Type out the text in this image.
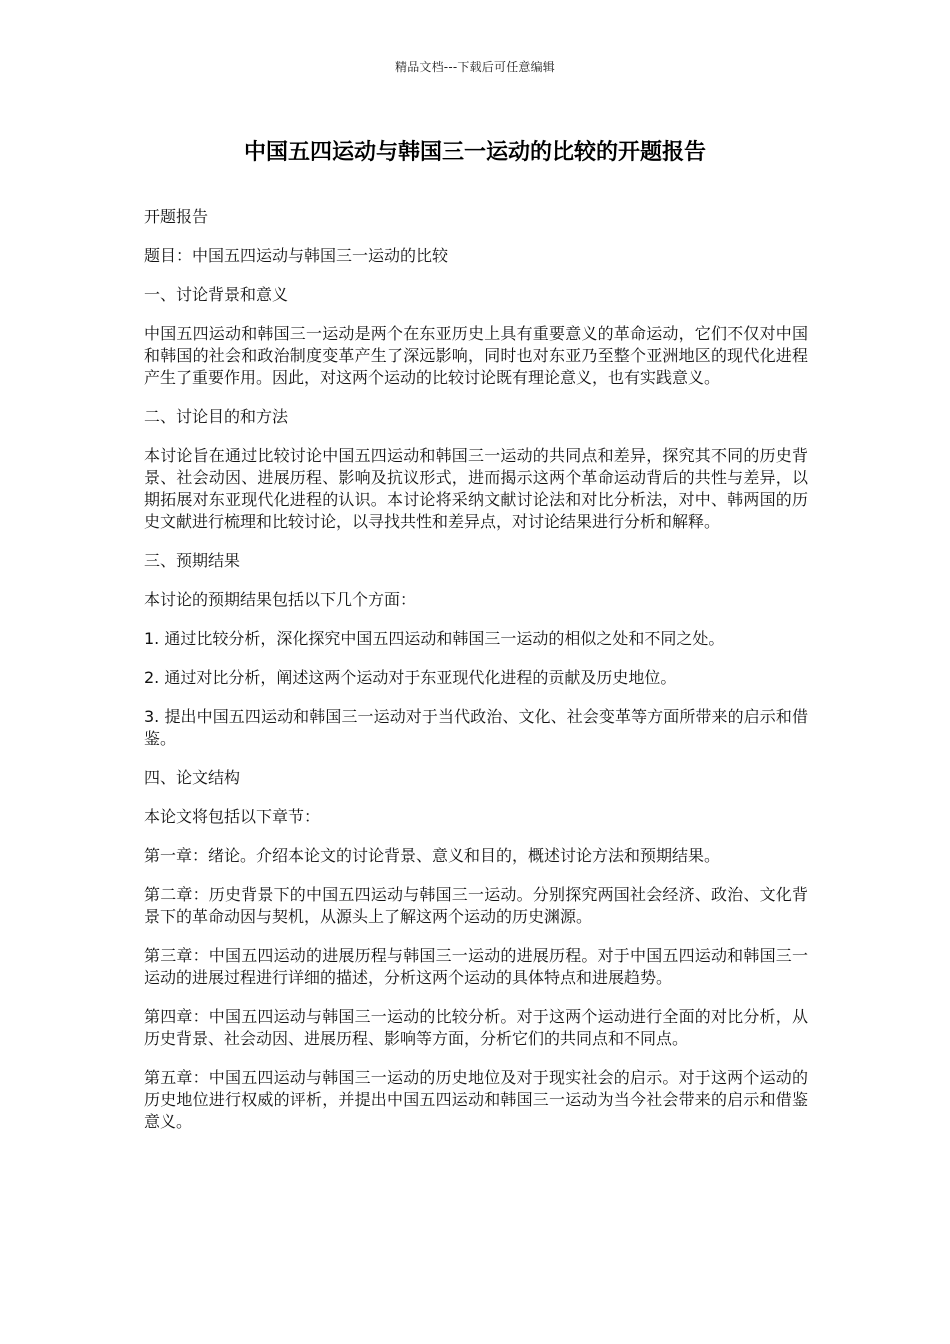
精品文档---下载后可任意编辑
中国五四运动与韩国三一运动的比较的开题报告

开题报告

题目：中国五四运动与韩国三一运动的比较

一、讨论背景和意义

中国五四运动和韩国三一运动是两个在东亚历史上具有重要意义的革命运动，它们不仅对中国和韩国的社会和政治制度变革产生了深远影响，同时也对东亚乃至整个亚洲地区的现代化进程产生了重要作用。因此，对这两个运动的比较讨论既有理论意义，也有实践意义。

二、讨论目的和方法

本讨论旨在通过比较讨论中国五四运动和韩国三一运动的共同点和差异，探究其不同的历史背景、社会动因、进展历程、影响及抗议形式，进而揭示这两个革命运动背后的共性与差异，以期拓展对东亚现代化进程的认识。本讨论将采纳文献讨论法和对比分析法，对中、韩两国的历史文献进行梳理和比较讨论，以寻找共性和差异点，对讨论结果进行分析和解释。

三、预期结果

本讨论的预期结果包括以下几个方面：

1. 通过比较分析，深化探究中国五四运动和韩国三一运动的相似之处和不同之处。

2. 通过对比分析，阐述这两个运动对于东亚现代化进程的贡献及历史地位。

3. 提出中国五四运动和韩国三一运动对于当代政治、文化、社会变革等方面所带来的启示和借鉴。

四、论文结构

本论文将包括以下章节：

第一章：绪论。介绍本论文的讨论背景、意义和目的，概述讨论方法和预期结果。

第二章：历史背景下的中国五四运动与韩国三一运动。分别探究两国社会经济、政治、文化背景下的革命动因与契机，从源头上了解这两个运动的历史渊源。

第三章：中国五四运动的进展历程与韩国三一运动的进展历程。对于中国五四运动和韩国三一运动的进展过程进行详细的描述，分析这两个运动的具体特点和进展趋势。

第四章：中国五四运动与韩国三一运动的比较分析。对于这两个运动进行全面的对比分析，从历史背景、社会动因、进展历程、影响等方面，分析它们的共同点和不同点。

第五章：中国五四运动与韩国三一运动的历史地位及对于现实社会的启示。对于这两个运动的历史地位进行权威的评析，并提出中国五四运动和韩国三一运动为当今社会带来的启示和借鉴意义。
